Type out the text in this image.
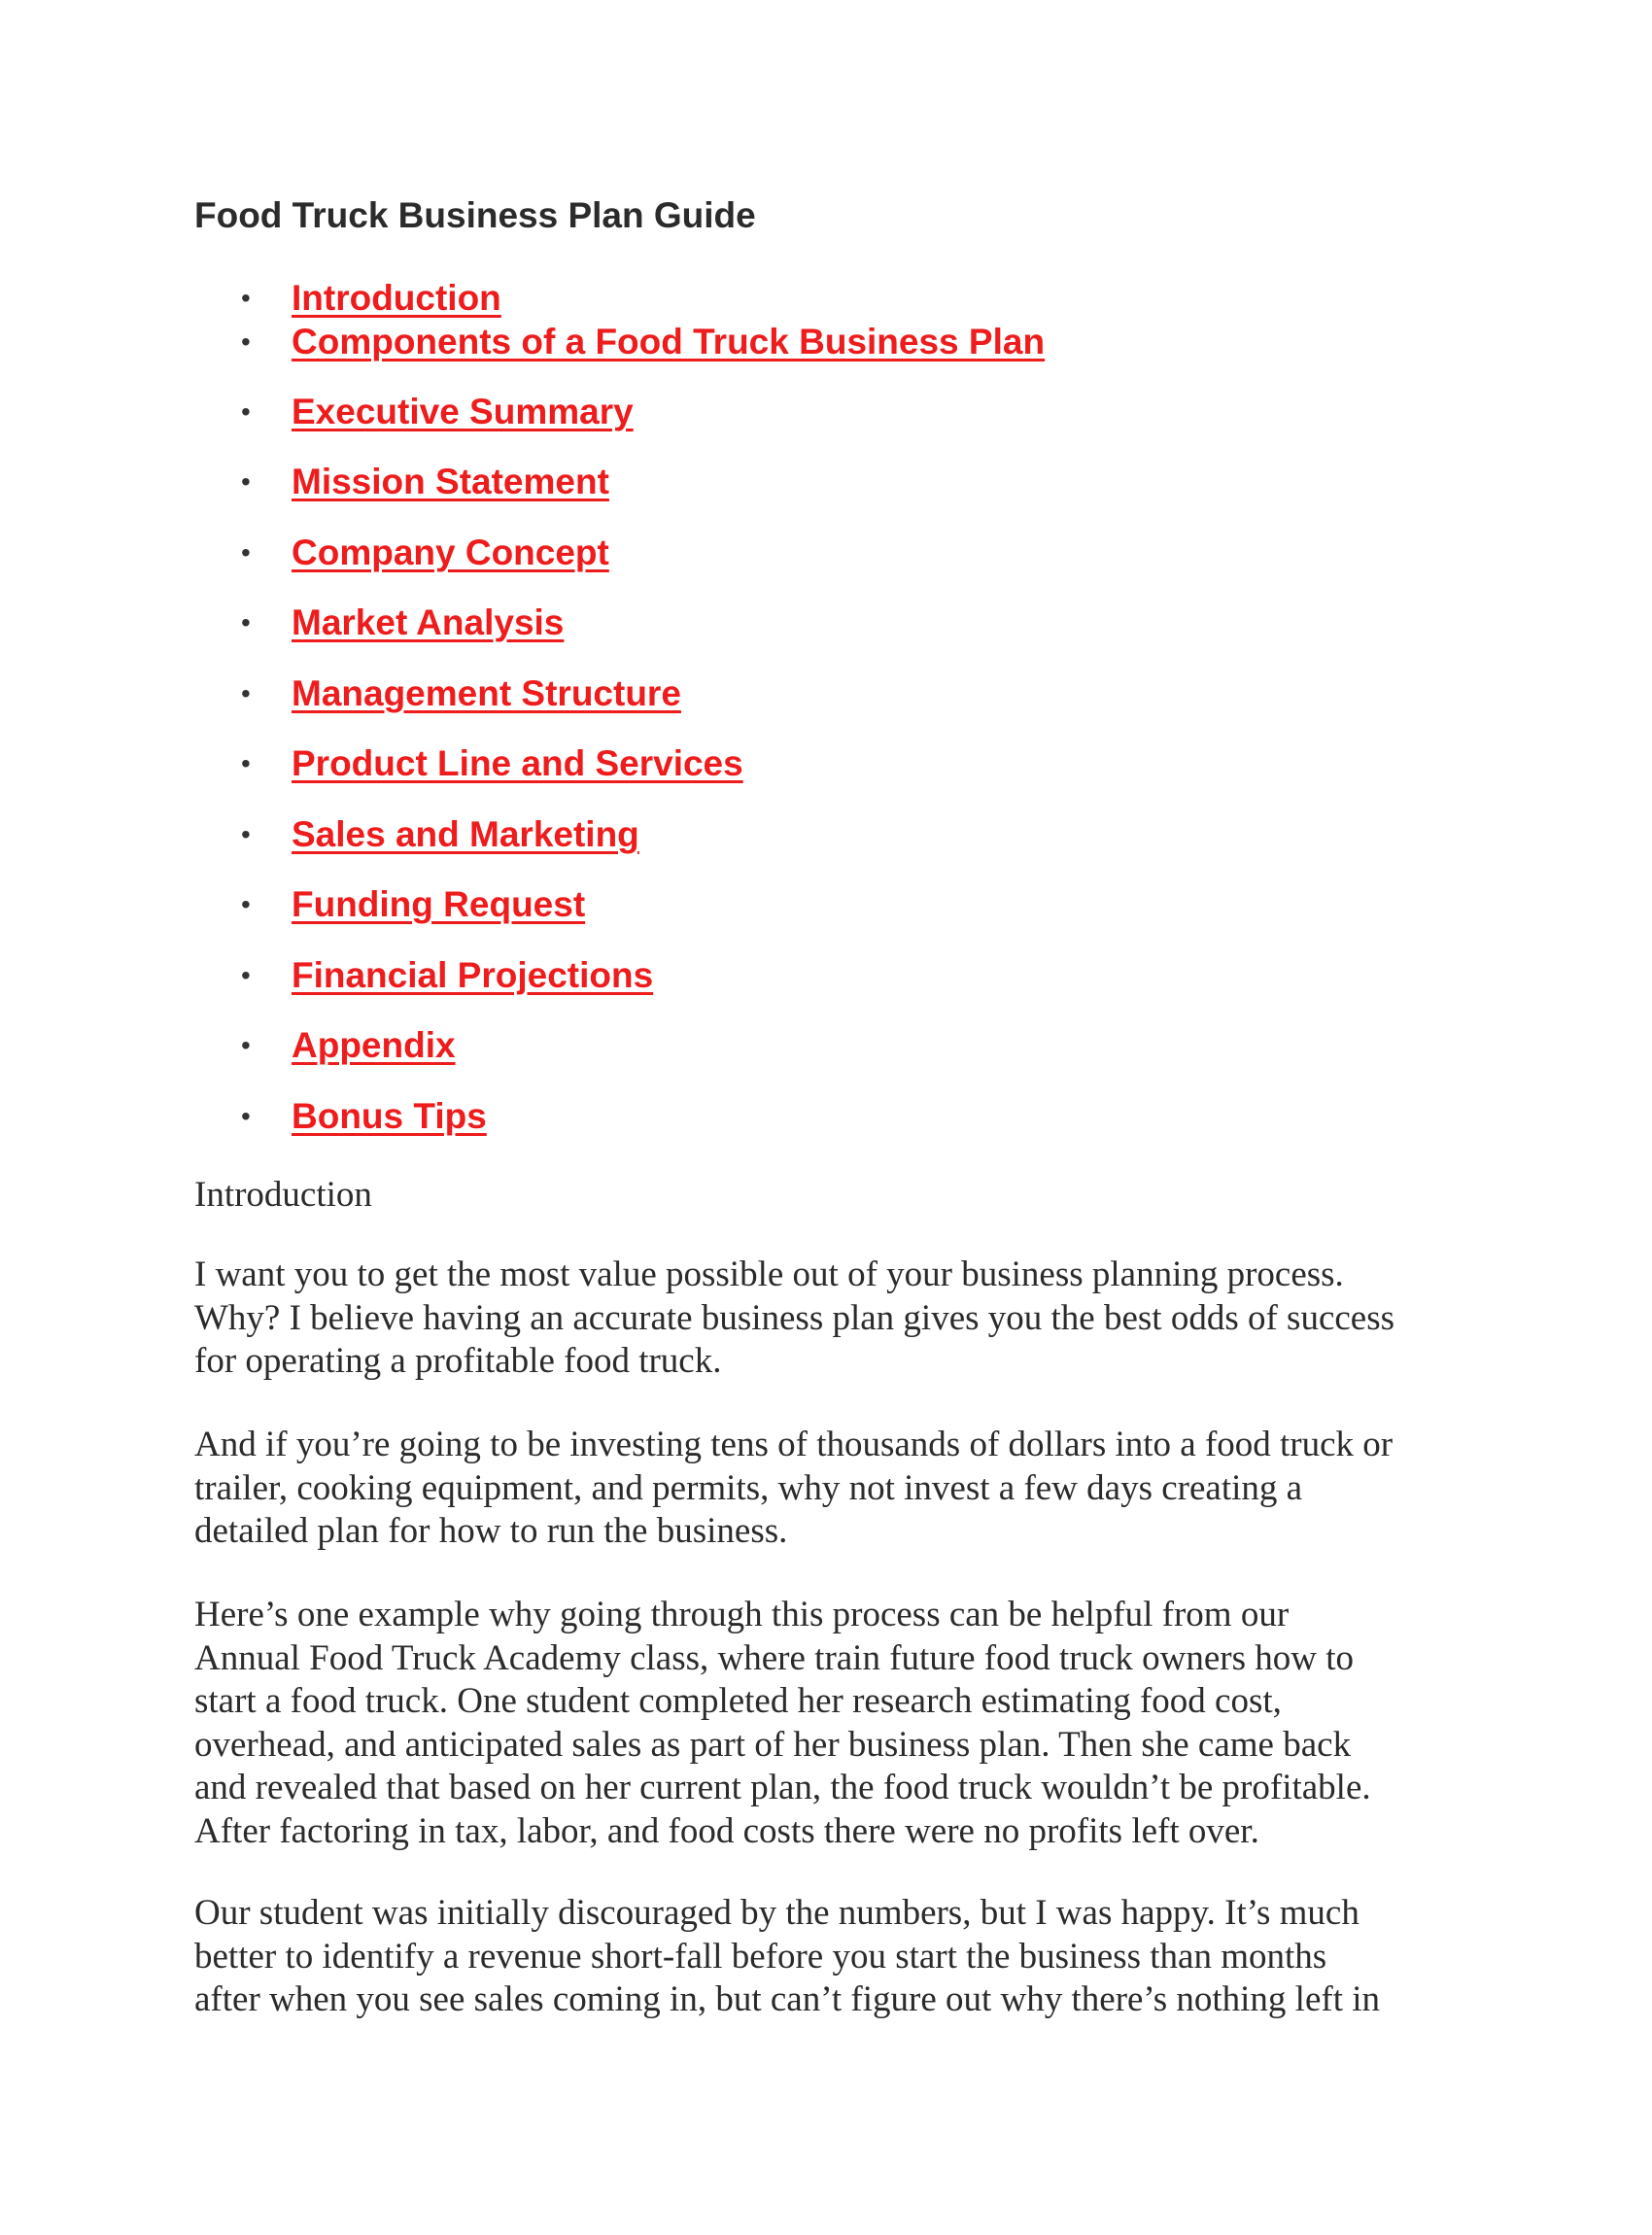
Food Truck Business Plan Guide
• Introduction
• Components of a Food Truck Business Plan
• Executive Summary
• Mission Statement
• Company Concept
• Market Analysis
• Management Structure
• Product Line and Services
• Sales and Marketing
• Funding Request
• Financial Projections
• Appendix
• Bonus Tips
Introduction

I want you to get the most value possible out of your business planning process.
Why? I believe having an accurate business plan gives you the best odds of success
for operating a profitable food truck.

And if you’re going to be investing tens of thousands of dollars into a food truck or
trailer, cooking equipment, and permits, why not invest a few days creating a
detailed plan for how to run the business.

Here’s one example why going through this process can be helpful from our
Annual Food Truck Academy class, where train future food truck owners how to
start a food truck. One student completed her research estimating food cost,
overhead, and anticipated sales as part of her business plan. Then she came back
and revealed that based on her current plan, the food truck wouldn’t be profitable.
After factoring in tax, labor, and food costs there were no profits left over.

Our student was initially discouraged by the numbers, but I was happy. It’s much
better to identify a revenue short-fall before you start the business than months
after when you see sales coming in, but can’t figure out why there’s nothing left in
